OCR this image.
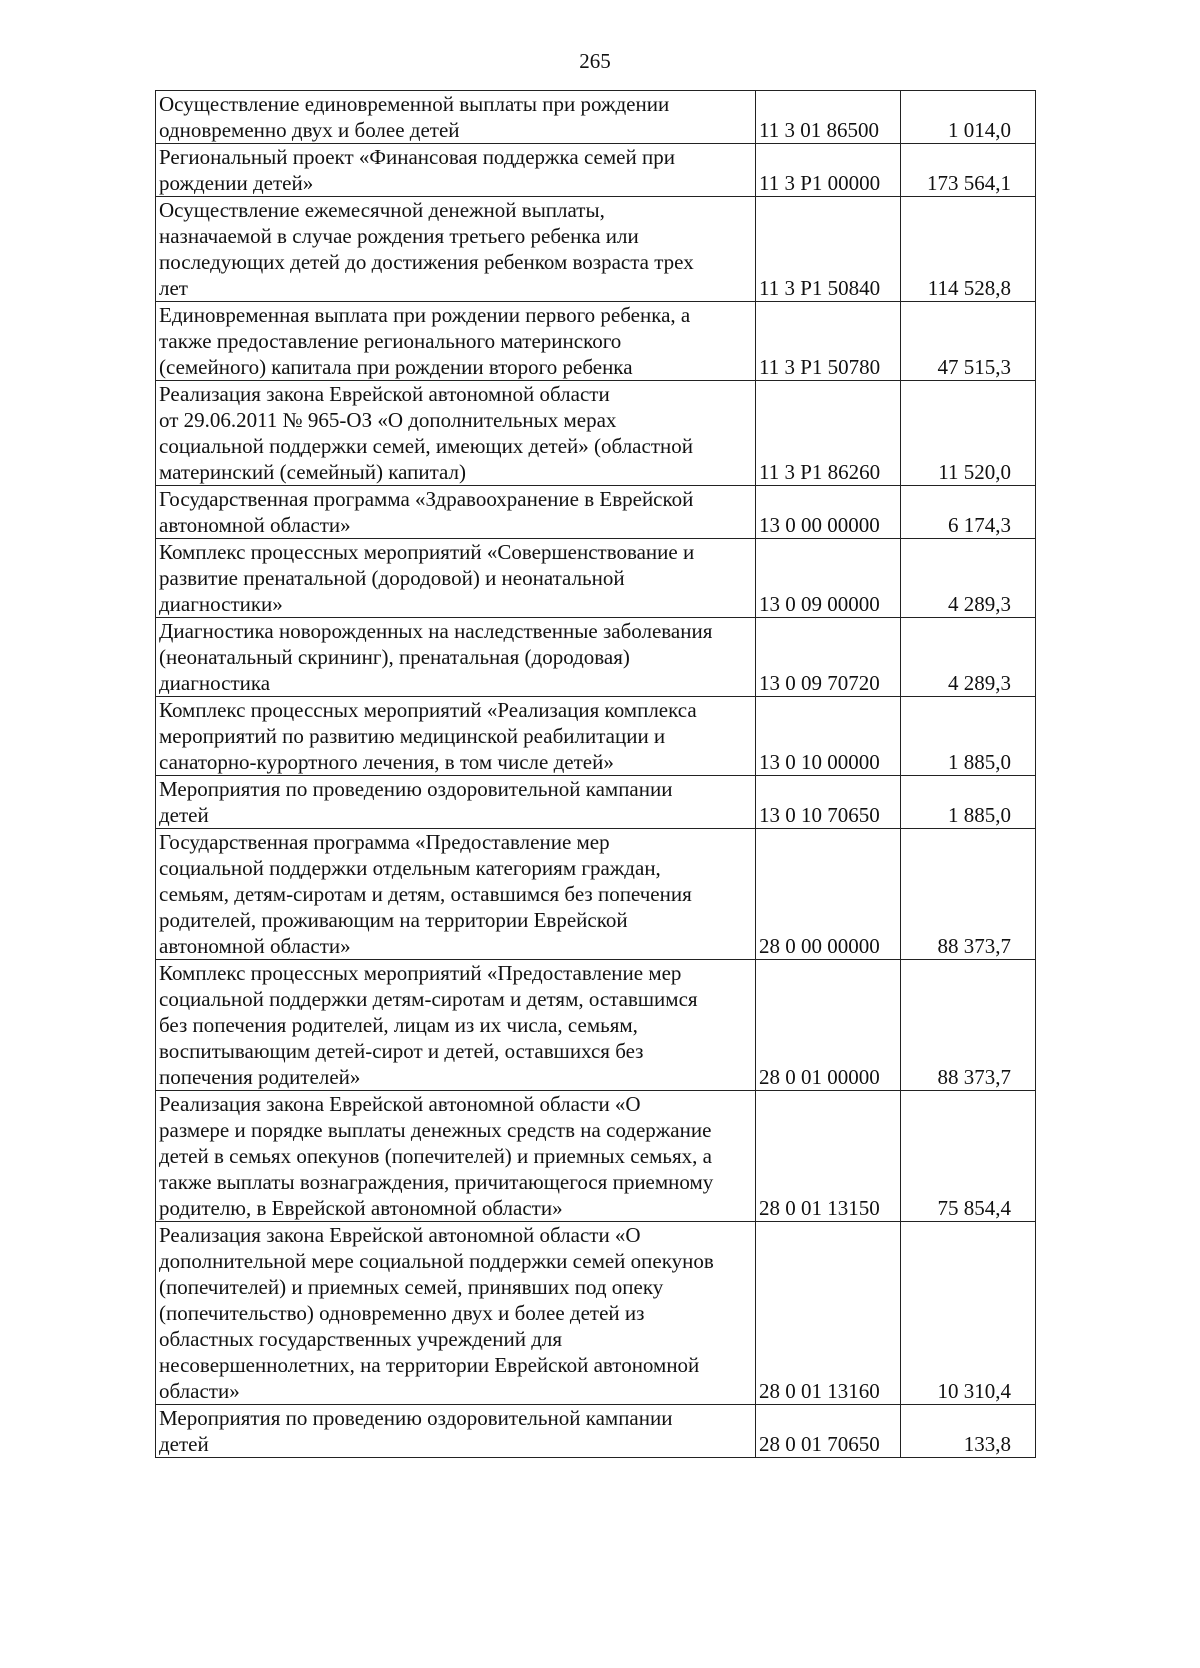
265
Осуществление единовременной выплаты при рождении
одновременно двух и более детей	11 3 01 86500	1 014,0
Региональный проект «Финансовая поддержка семей при
рождении детей»	11 3 P1 00000	173 564,1
Осуществление ежемесячной денежной выплаты,
назначаемой в случае рождения третьего ребенка или
последующих детей до достижения ребенком возраста трех
лет	11 3 P1 50840	114 528,8
Единовременная выплата при рождении первого ребенка, а
также предоставление регионального материнского
(семейного) капитала при рождении второго ребенка	11 3 P1 50780	47 515,3
Реализация закона Еврейской автономной области
от 29.06.2011 № 965-ОЗ «О дополнительных мерах
социальной поддержки семей, имеющих детей» (областной
материнский (семейный) капитал)	11 3 P1 86260	11 520,0
Государственная программа «Здравоохранение в Еврейской
автономной области»	13 0 00 00000	6 174,3
Комплекс процессных мероприятий «Совершенствование и
развитие пренатальной (дородовой) и неонатальной
диагностики»	13 0 09 00000	4 289,3
Диагностика новорожденных на наследственные заболевания
(неонатальный скрининг), пренатальная (дородовая)
диагностика	13 0 09 70720	4 289,3
Комплекс процессных мероприятий «Реализация комплекса
мероприятий по развитию медицинской реабилитации и
санаторно-курортного лечения, в том числе детей»	13 0 10 00000	1 885,0
Мероприятия по проведению оздоровительной кампании
детей	13 0 10 70650	1 885,0
Государственная программа «Предоставление мер
социальной поддержки отдельным категориям граждан,
семьям, детям-сиротам и детям, оставшимся без попечения
родителей, проживающим на территории Еврейской
автономной области»	28 0 00 00000	88 373,7
Комплекс процессных мероприятий «Предоставление мер
социальной поддержки детям-сиротам и детям, оставшимся
без попечения родителей, лицам из их числа, семьям,
воспитывающим детей-сирот и детей, оставшихся без
попечения родителей»	28 0 01 00000	88 373,7
Реализация закона Еврейской автономной области «О
размере и порядке выплаты денежных средств на содержание
детей в семьях опекунов (попечителей) и приемных семьях, а
также выплаты вознаграждения, причитающегося приемному
родителю, в Еврейской автономной области»	28 0 01 13150	75 854,4
Реализация закона Еврейской автономной области «О
дополнительной мере социальной поддержки семей опекунов
(попечителей) и приемных семей, принявших под опеку
(попечительство) одновременно двух и более детей из
областных государственных учреждений для
несовершеннолетних, на территории Еврейской автономной
области»	28 0 01 13160	10 310,4
Мероприятия по проведению оздоровительной кампании
детей	28 0 01 70650	133,8
